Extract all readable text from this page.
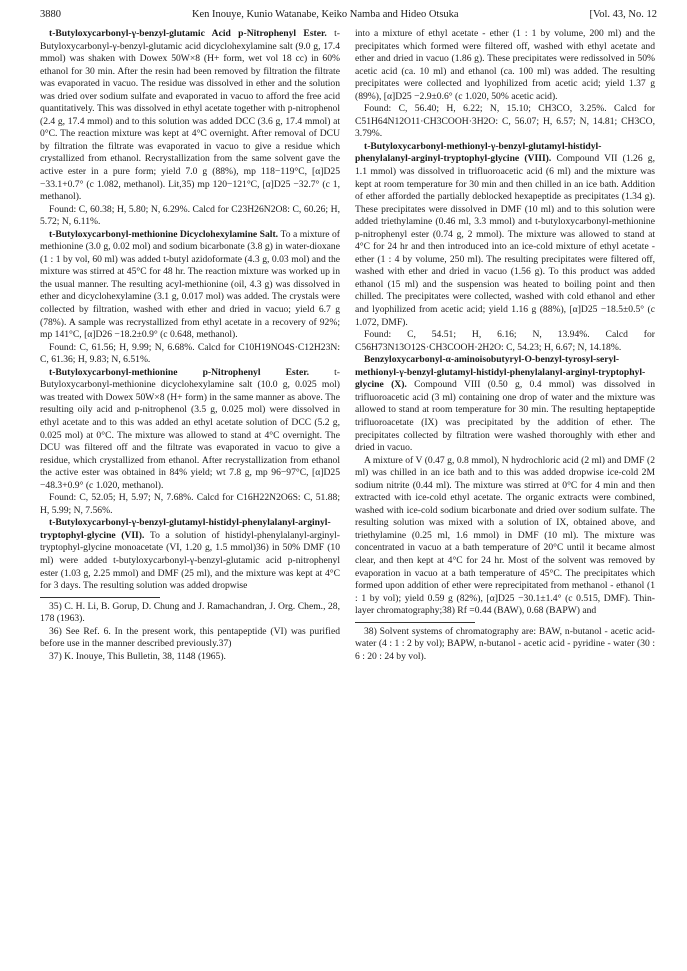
3880	Ken Inouye, Kunio Watanabe, Keiko Namba and Hideo Otsuka	[Vol. 43, No. 12

t-Butyloxycarbonyl-γ-benzyl-glutamic Acid p-Nitrophenyl Ester. t-Butyloxycarbonyl-γ-benzyl-glutamic acid dicyclohexylamine salt (9.0 g, 17.4 mmol) was shaken with Dowex 50W×8 (H+ form, wet vol 18 cc) in 60% ethanol for 30 min. After the resin had been removed by filtration the filtrate was evaporated in vacuo. The residue was dissolved in ether and the solution was dried over sodium sulfate and evaporated in vacuo to afford the free acid quantitatively. This was dissolved in ethyl acetate together with p-nitrophenol (2.4 g, 17.4 mmol) and to this solution was added DCC (3.6 g, 17.4 mmol) at 0°C. The reaction mixture was kept at 4°C overnight. After removal of DCU by filtration the filtrate was evaporated in vacuo to give a residue which crystallized from ethanol. Recrystallization from the same solvent gave the active ester in a pure form; yield 7.0 g (88%), mp 118−119°C, [α]D25 −33.1+0.7° (c 1.082, methanol). Lit,35) mp 120−121°C, [α]D25 −32.7° (c 1, methanol).

Found: C, 60.38; H, 5.80; N, 6.29%. Calcd for C23H26N2O8: C, 60.26; H, 5.72; N, 6.11%.

t-Butyloxycarbonyl-methionine Dicyclohexylamine Salt. To a mixture of methionine (3.0 g, 0.02 mol) and sodium bicarbonate (3.8 g) in water-dioxane (1 : 1 by vol, 60 ml) was added t-butyl azidoformate (4.3 g, 0.03 mol) and the mixture was stirred at 45°C for 48 hr. The reaction mixture was worked up in the usual manner. The resulting acyl-methionine (oil, 4.3 g) was dissolved in ether and dicyclohexylamine (3.1 g, 0.017 mol) was added. The crystals were collected by filtration, washed with ether and dried in vacuo; yield 6.7 g (78%). A sample was recrystallized from ethyl acetate in a recovery of 92%; mp 141°C, [α]D26 −18.2±0.9° (c 0.648, methanol).

Found: C, 61.56; H, 9.99; N, 6.68%. Calcd for C10H19NO4S·C12H23N: C, 61.36; H, 9.83; N, 6.51%.

t-Butyloxycarbonyl-methionine p-Nitrophenyl Ester. t-Butyloxycarbonyl-methionine dicyclohexylamine salt (10.0 g, 0.025 mol) was treated with Dowex 50W×8 (H+ form) in the same manner as above. The resulting oily acid and p-nitrophenol (3.5 g, 0.025 mol) were dissolved in ethyl acetate and to this was added an ethyl acetate solution of DCC (5.2 g, 0.025 mol) at 0°C. The mixture was allowed to stand at 4°C overnight. The DCU was filtered off and the filtrate was evaporated in vacuo to give a residue, which crystallized from ethanol. After recrystallization from ethanol the active ester was obtained in 84% yield; wt 7.8 g, mp 96−97°C, [α]D25 −48.3+0.9° (c 1.020, methanol).

Found: C, 52.05; H, 5.97; N, 7.68%. Calcd for C16H22N2O6S: C, 51.88; H, 5.99; N, 7.56%.

t-Butyloxycarbonyl-γ-benzyl-glutamyl-histidyl-phenylalanyl-arginyl-tryptophyl-glycine (VII). To a solution of histidyl-phenylalanyl-arginyl-tryptophyl-glycine monoacetate (VI, 1.20 g, 1.5 mmol)36) in 50% DMF (10 ml) were added t-butyloxycarbonyl-γ-benzyl-glutamic acid p-nitrophenyl ester (1.03 g, 2.25 mmol) and DMF (25 ml), and the mixture was kept at 4°C for 3 days. The resulting solution was added dropwise

35) C. H. Li, B. Gorup, D. Chung and J. Ramachandran, J. Org. Chem., 28, 178 (1963).

36) See Ref. 6. In the present work, this pentapeptide (VI) was purified before use in the manner described previously.37)

37) K. Inouye, This Bulletin, 38, 1148 (1965).

into a mixture of ethyl acetate - ether (1 : 1 by volume, 200 ml) and the precipitates which formed were filtered off, washed with ethyl acetate and ether and dried in vacuo (1.86 g). These precipitates were redissolved in 50% acetic acid (ca. 10 ml) and ethanol (ca. 100 ml) was added. The resulting precipitates were collected and lyophilized from acetic acid; yield 1.37 g (89%), [α]D25 −2.9±0.6° (c 1.020, 50% acetic acid).

Found: C, 56.40; H, 6.22; N, 15.10; CH3CO, 3.25%. Calcd for C51H64N12O11·CH3COOH·3H2O: C, 56.07; H, 6.57; N, 14.81; CH3CO, 3.79%.

t-Butyloxycarbonyl-methionyl-γ-benzyl-glutamyl-histidyl-phenylalanyl-arginyl-tryptophyl-glycine (VIII). Compound VII (1.26 g, 1.1 mmol) was dissolved in trifluoroacetic acid (6 ml) and the mixture was kept at room temperature for 30 min and then chilled in an ice bath. Addition of ether afforded the partially deblocked hexapeptide as precipitates (1.34 g). These precipitates were dissolved in DMF (10 ml) and to this solution were added triethylamine (0.46 ml, 3.3 mmol) and t-butyloxycarbonyl-methionine p-nitrophenyl ester (0.74 g, 2 mmol). The mixture was allowed to stand at 4°C for 24 hr and then introduced into an ice-cold mixture of ethyl acetate - ether (1 : 4 by volume, 250 ml). The resulting precipitates were filtered off, washed with ether and dried in vacuo (1.56 g). To this product was added ethanol (15 ml) and the suspension was heated to boiling point and then chilled. The precipitates were collected, washed with cold ethanol and ether and lyophilized from acetic acid; yield 1.16 g (88%), [α]D25 −18.5±0.5° (c 1.072, DMF).

Found: C, 54.51; H, 6.16; N, 13.94%. Calcd for C56H73N13O12S·CH3COOH·2H2O: C, 54.23; H, 6.67; N, 14.18%.

Benzyloxycarbonyl-α-aminoisobutyryl-O-benzyl-tyrosyl-seryl-methionyl-γ-benzyl-glutamyl-histidyl-phenylalanyl-arginyl-tryptophyl-glycine (X). Compound VIII (0.50 g, 0.4 mmol) was dissolved in trifluoroacetic acid (3 ml) containing one drop of water and the mixture was allowed to stand at room temperature for 30 min. The resulting heptapeptide trifluoroacetate (IX) was precipitated by the addition of ether. The precipitates collected by filtration were washed thoroughly with ether and dried in vacuo.

A mixture of V (0.47 g, 0.8 mmol), N hydrochloric acid (2 ml) and DMF (2 ml) was chilled in an ice bath and to this was added dropwise ice-cold 2M sodium nitrite (0.44 ml). The mixture was stirred at 0°C for 4 min and then extracted with ice-cold ethyl acetate. The organic extracts were combined, washed with ice-cold sodium bicarbonate and dried over sodium sulfate. The resulting solution was mixed with a solution of IX, obtained above, and triethylamine (0.25 ml, 1.6 mmol) in DMF (10 ml). The mixture was concentrated in vacuo at a bath temperature of 20°C until it became almost clear, and then kept at 4°C for 24 hr. Most of the solvent was removed by evaporation in vacuo at a bath temperature of 45°C. The precipitates which formed upon addition of ether were reprecipitated from methanol - ethanol (1 : 1 by vol); yield 0.59 g (82%), [α]D25 −30.1±1.4° (c 0.515, DMF). Thin-layer chromatography;38) Rf =0.44 (BAW), 0.68 (BAPW) and

38) Solvent systems of chromatography are: BAW, n-butanol - acetic acid-water (4 : 1 : 2 by vol); BAPW, n-butanol - acetic acid - pyridine - water (30 : 6 : 20 : 24 by vol).
